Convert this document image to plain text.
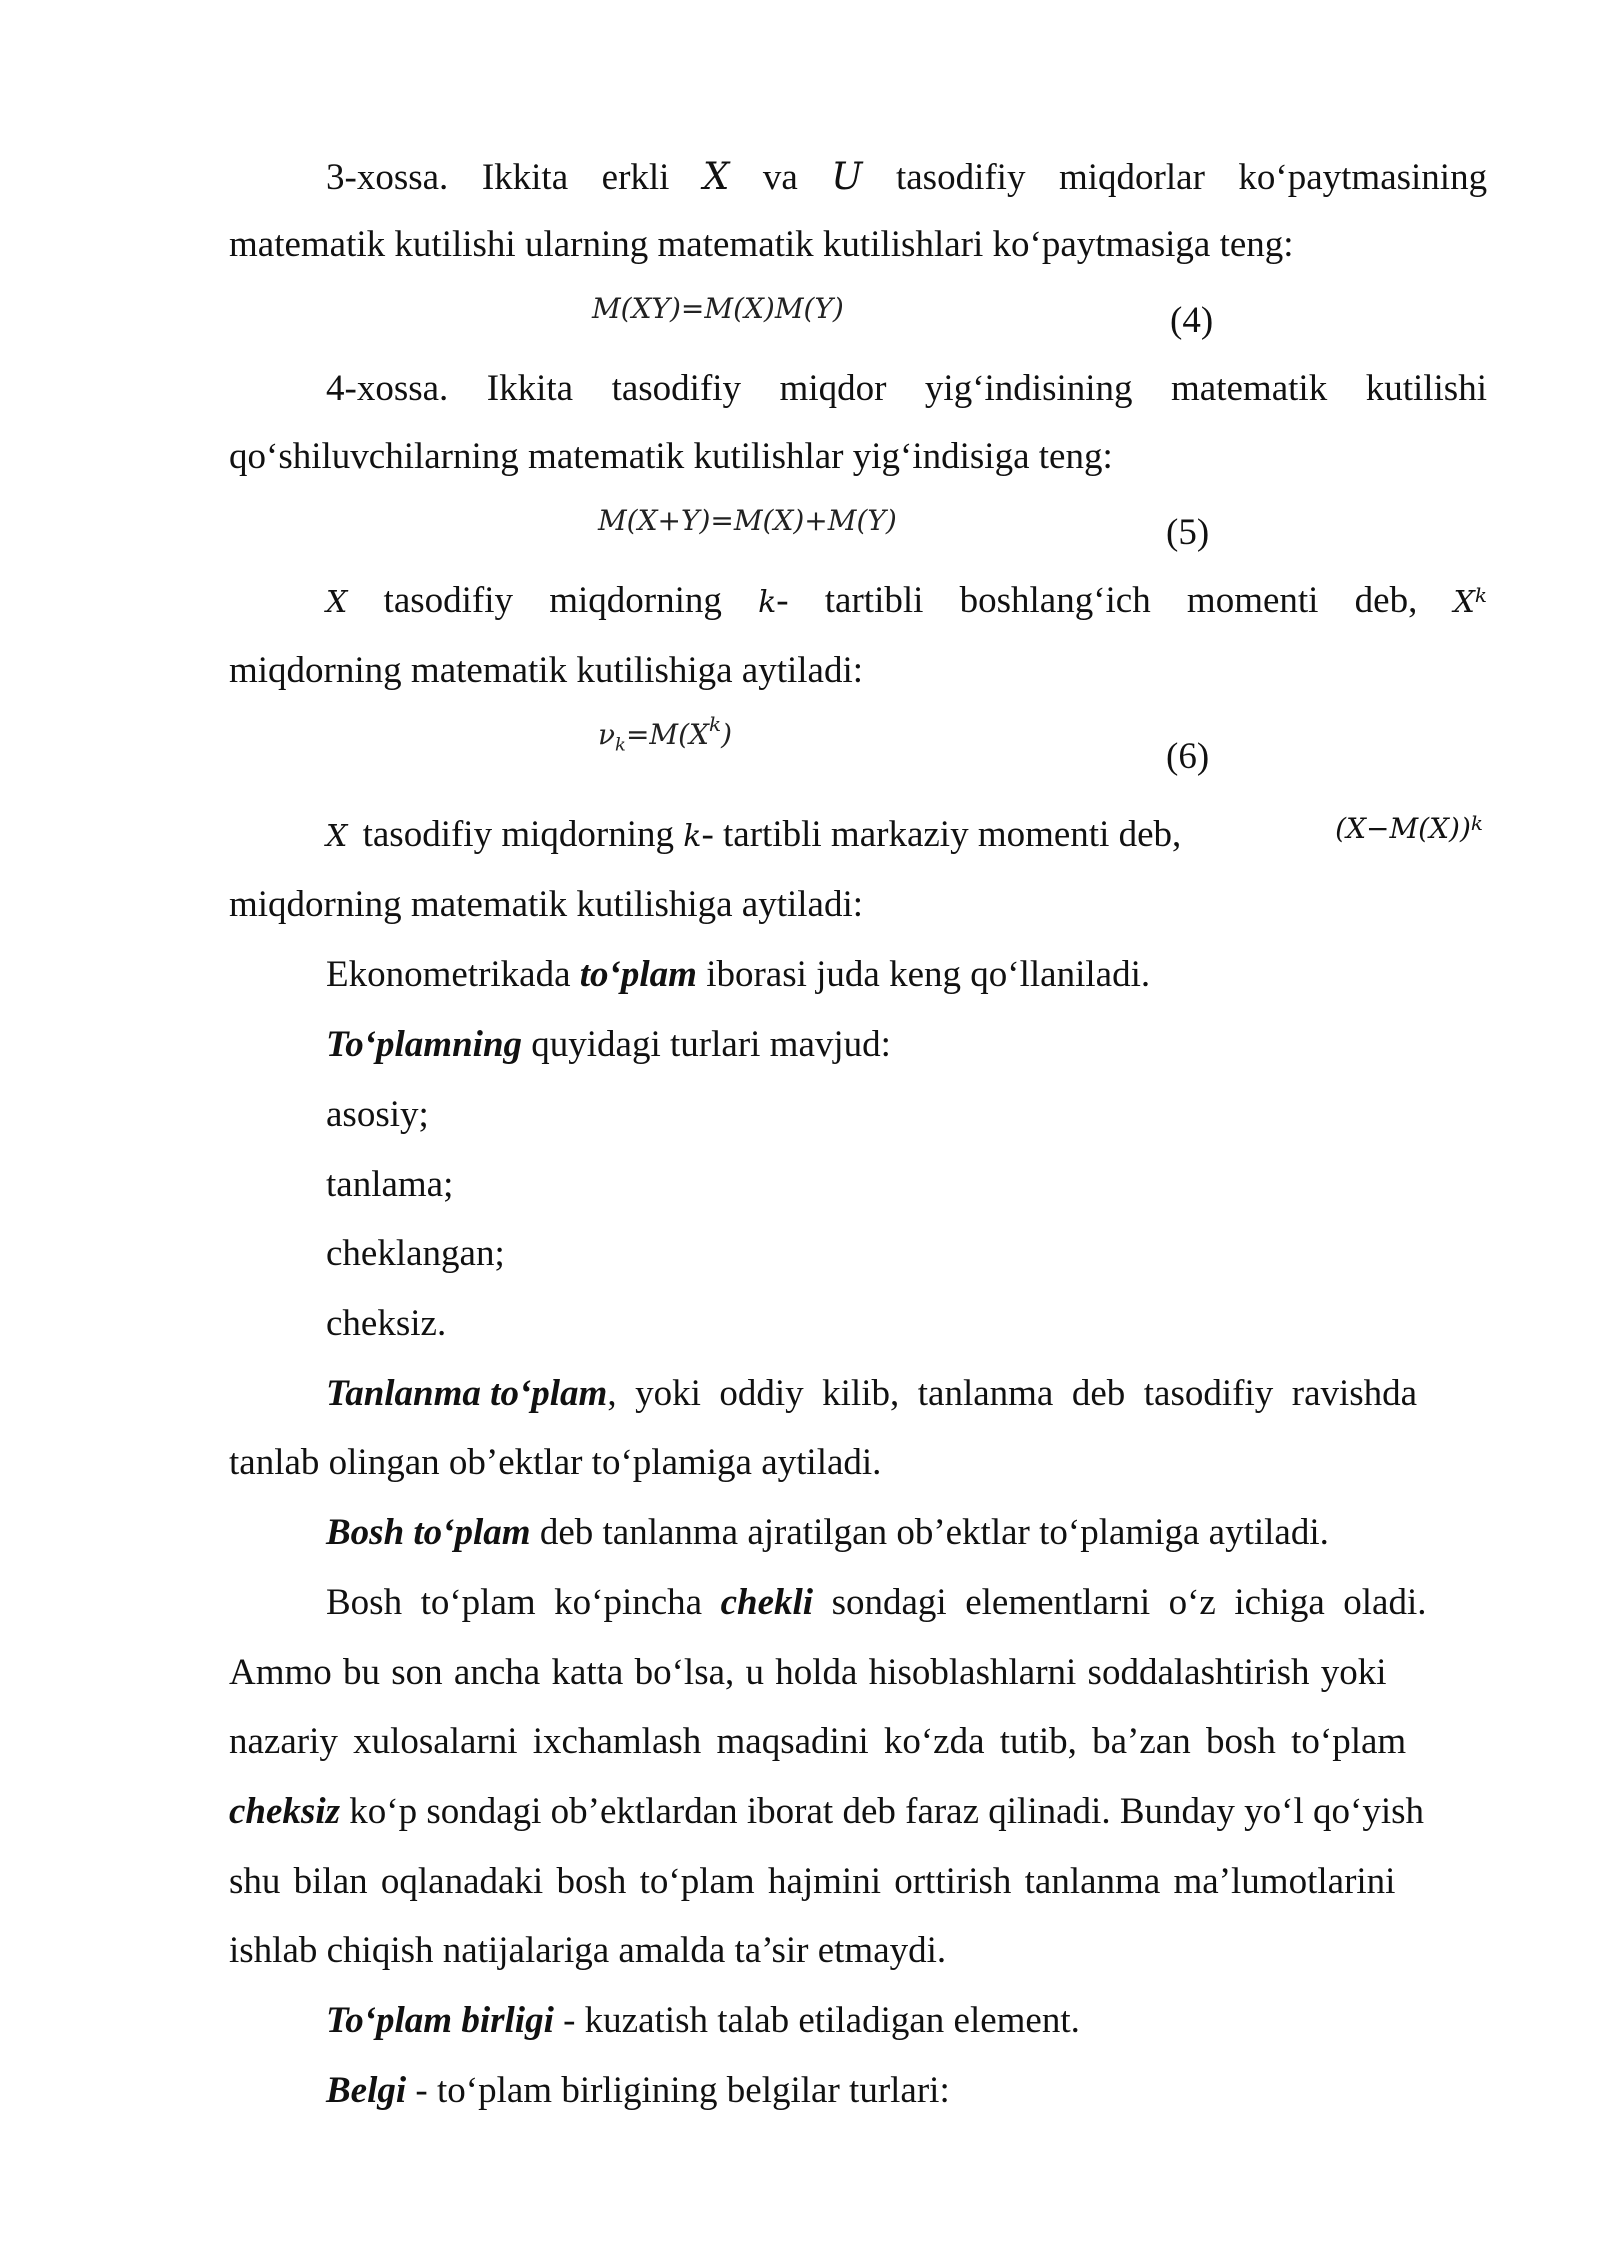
3-xossa. Ikkita erkli X va U tasodifiy miqdorlar ko‘paytmasining
matematik kutilishi ularning matematik kutilishlari ko‘paytmasiga teng:
M(XY)=M(X)M(Y)	(4)
4-xossa. Ikkita tasodifiy miqdor yig‘indisining matematik kutilishi
qo‘shiluvchilarning matematik kutilishlar yig‘indisiga teng:
M(X+Y)=M(X)+M(Y)	(5)
X tasodifiy miqdorning k- tartibli boshlang‘ich momenti deb, $X^k$
miqdorning matematik kutilishiga aytiladi:
$\nu_k=M(X^k)$
(6)
X tasodifiy miqdorning k- tartibli markaziy momenti deb,	$(X-M(X))^k$
miqdorning matematik kutilishiga aytiladi:
Ekonometrikada to‘plam iborasi juda keng qo‘llaniladi.
To‘plamning quyidagi turlari mavjud:
asosiy;
tanlama;
cheklangan;
cheksiz.
Tanlanma to‘plam,  yoki  oddiy  kilib,  tanlanma  deb  tasodifiy  ravishda
tanlab olingan ob’ektlar to‘plamiga aytiladi.
Bosh to‘plam deb tanlanma ajratilgan ob’ektlar to‘plamiga aytiladi.
Bosh  to‘plam  ko‘pincha  chekli  sondagi  elementlarni  o‘z  ichiga  oladi.
Ammo bu son ancha katta bo‘lsa, u holda hisoblashlarni soddalashtirish yoki
nazariy xulosalarni ixchamlash maqsadini ko‘zda tutib, ba’zan bosh to‘plam
cheksiz ko‘p sondagi ob’ektlardan iborat deb faraz qilinadi. Bunday yo‘l qo‘yish
shu bilan oqlanadaki bosh to‘plam hajmini orttirish tanlanma ma’lumotlarini
ishlab chiqish natijalariga amalda ta’sir etmaydi.
To‘plam birligi - kuzatish talab etiladigan element.
Belgi - to‘plam birligining belgilar turlari:
